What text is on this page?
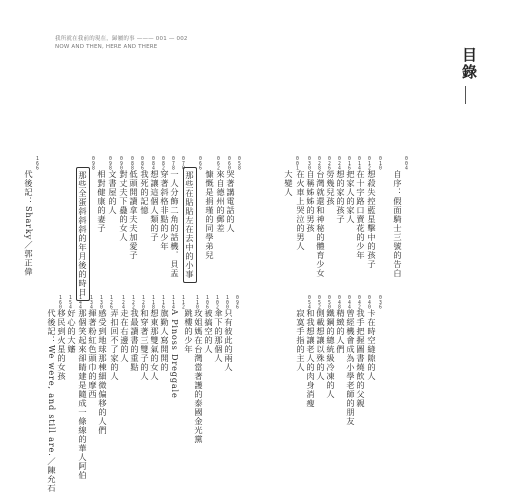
我所就在我前的現在，歸屬的事 ——— 001 — 002
NOW AND THEN, HERE AND THERE	目錄
004
自序：假面騎士三號的告白
010
想殺失控藍星擊中的孩子
012
在十字路口賣花的少年
014
把家人的家人
016
想的家的孩子
024
勞幾兒孩
026
台灣就還和神秘的體育少女
028
自稱姊姊的男孩
030
在火車上哭泣的男人
001
大變人
036
卡在時空縫隙的人
040
我手把握圖書燒飲的父親
042
曾經機會成為小學老師的朋友
044
精緻的人們
048
鐵鋼的總統級冷凍的人
050
側載想讓以殊的人
052
和我想讓老人的肉身消瘦
054
寂寞手指的主人
058
哭著講電話的人
060
來自德州的郵差
062
慷慨是捐瑾的同學弟兒
066
那些在貼貼左在去中的小事
070
一人分飾二角的話機．貝盂
078
穿著斜格非點的少年
082
想讓這個人類的子
084
我死的記憶
086
低頭開讀拿夫夫加愛子
088
對丈夫下蠱的女人
090
文書屋的人
098
相對健康的妻子
098
那些全蛋斜斜斜的年月後的時日
096
只有彼此的兩人
100
傘下的那個人
102
被搞空的人
106
玫姐媽在台灣當著護的泰國金光黨
110
跳樓的少年
112
A Pinoss Dreggale
114
旗勤人寫開開的
116
想東那雙氣的女人
118
和穿著三雙子的人
120
我最讀書的重點
122
走在右邊的人
124
弄扣回不了家的人
126
感受到地球那棟細微偏移的人們
130
揮著粉紅色頭巾的摩西
134
那個笑起來卻睛建是隨成一條線的華人阿伯
144
好心的大嬸
154
移民到火星的女孩
160
代後記：We were, and still are.／陳允石
166
代後記：Sharky／郭正偉
